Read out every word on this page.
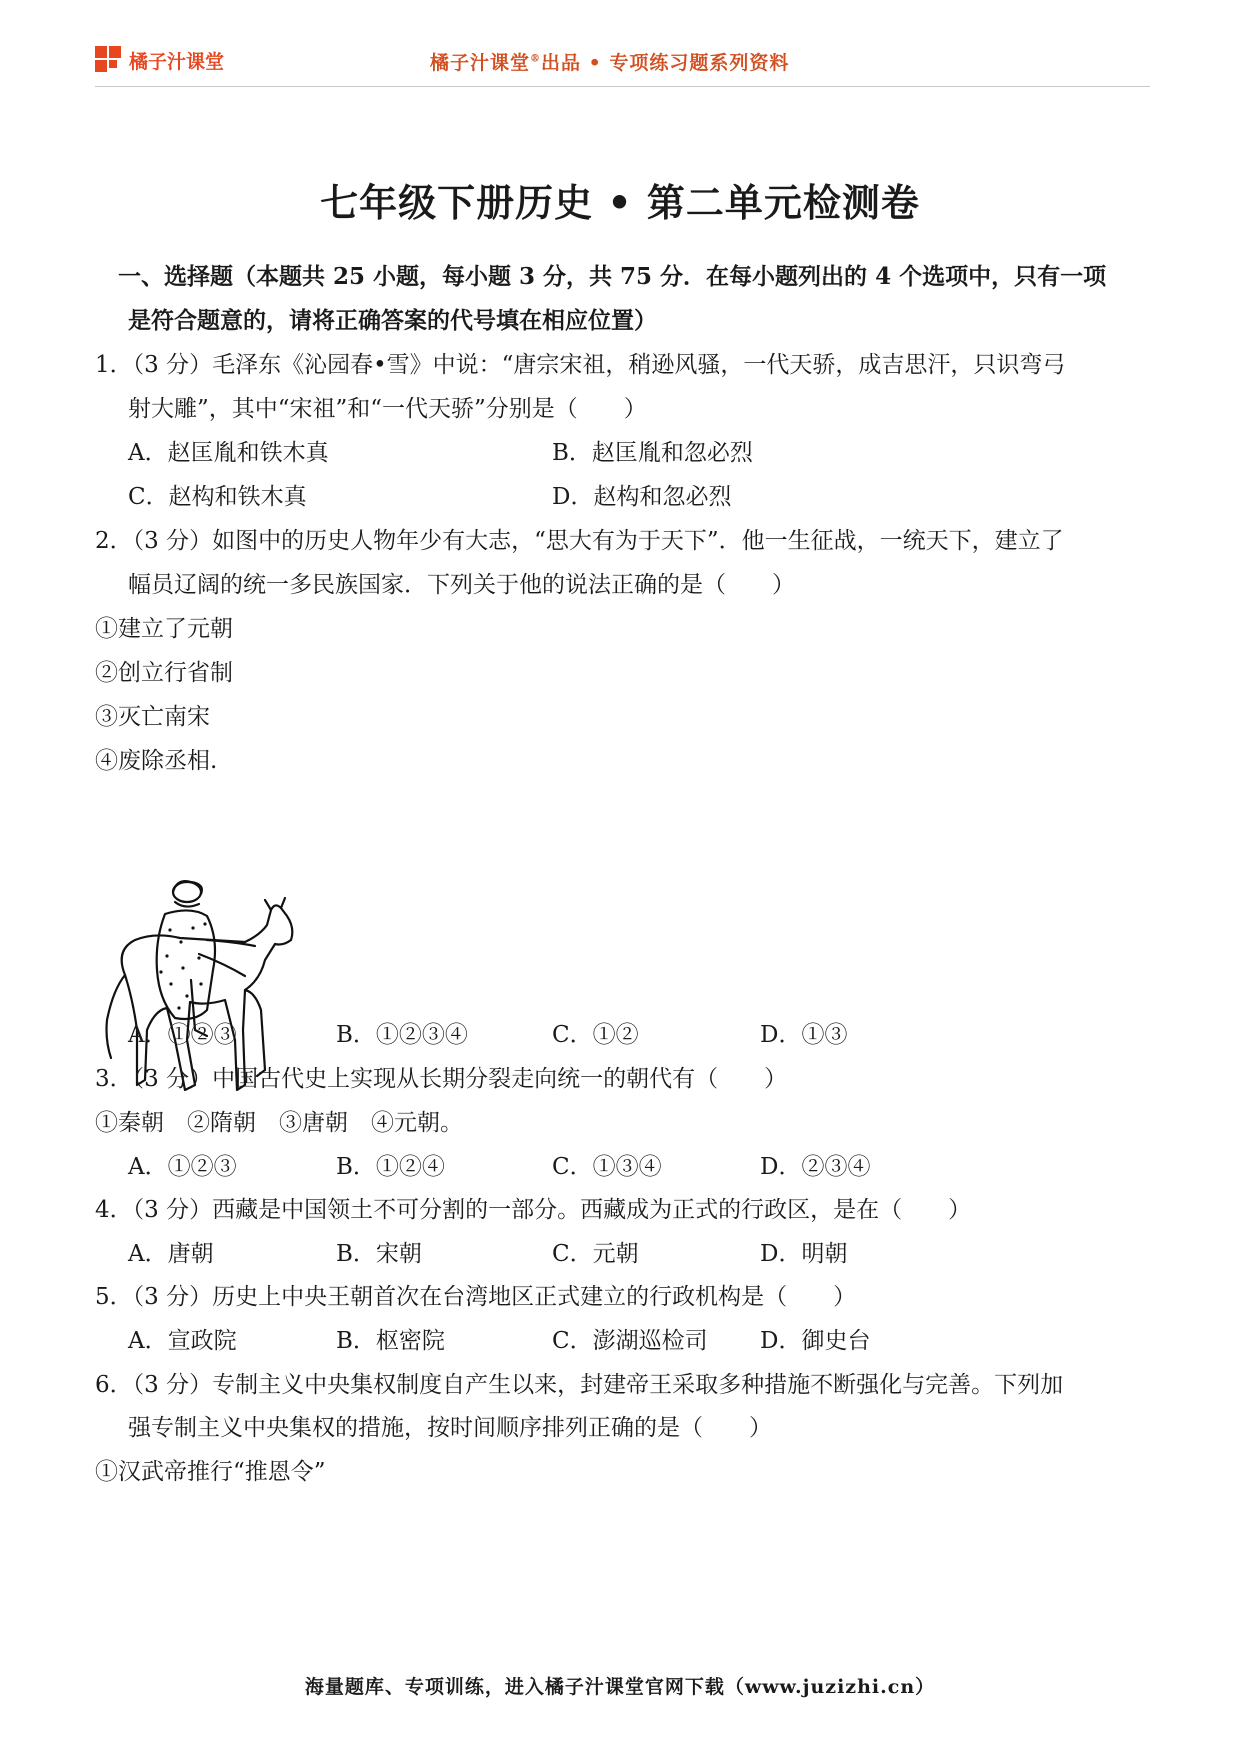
橘子汁课堂	橘子汁课堂®出品 • 专项练习题系列资料
七年级下册历史 • 第二单元检测卷
一、选择题（本题共 25 小题，每小题 3 分，共 75 分．在每小题列出的 4 个选项中，只有一项
是符合题意的，请将正确答案的代号填在相应位置）
1．（3 分）毛泽东《沁园春•雪》中说：“唐宗宋祖，稍逊风骚，一代天骄，成吉思汗，只识弯弓
射大雕”，其中“宋祖”和“一代天骄”分别是（　　）
A．赵匡胤和铁木真	B．赵匡胤和忽必烈
C．赵构和铁木真	D．赵构和忽必烈
2．（3 分）如图中的历史人物年少有大志，“思大有为于天下”．他一生征战，一统天下，建立了
幅员辽阔的统一多民族国家．下列关于他的说法正确的是（　　）
①建立了元朝
②创立行省制
③灭亡南宋
④废除丞相.
A．①②③	B．①②③④	C．①②	D．①③
3．（3 分）中国古代史上实现从长期分裂走向统一的朝代有（　　）
①秦朝　②隋朝　③唐朝　④元朝。
A．①②③	B．①②④	C．①③④	D．②③④
4．（3 分）西藏是中国领土不可分割的一部分。西藏成为正式的行政区，是在（　　）
A．唐朝	B．宋朝	C．元朝	D．明朝
5．（3 分）历史上中央王朝首次在台湾地区正式建立的行政机构是（　　）
A．宣政院	B．枢密院	C．澎湖巡检司 D．御史台
6．（3 分）专制主义中央集权制度自产生以来，封建帝王采取多种措施不断强化与完善。下列加
强专制主义中央集权的措施，按时间顺序排列正确的是（　　）
①汉武帝推行“推恩令”
海量题库、专项训练，进入橘子汁课堂官网下载（www.juzizhi.cn）
